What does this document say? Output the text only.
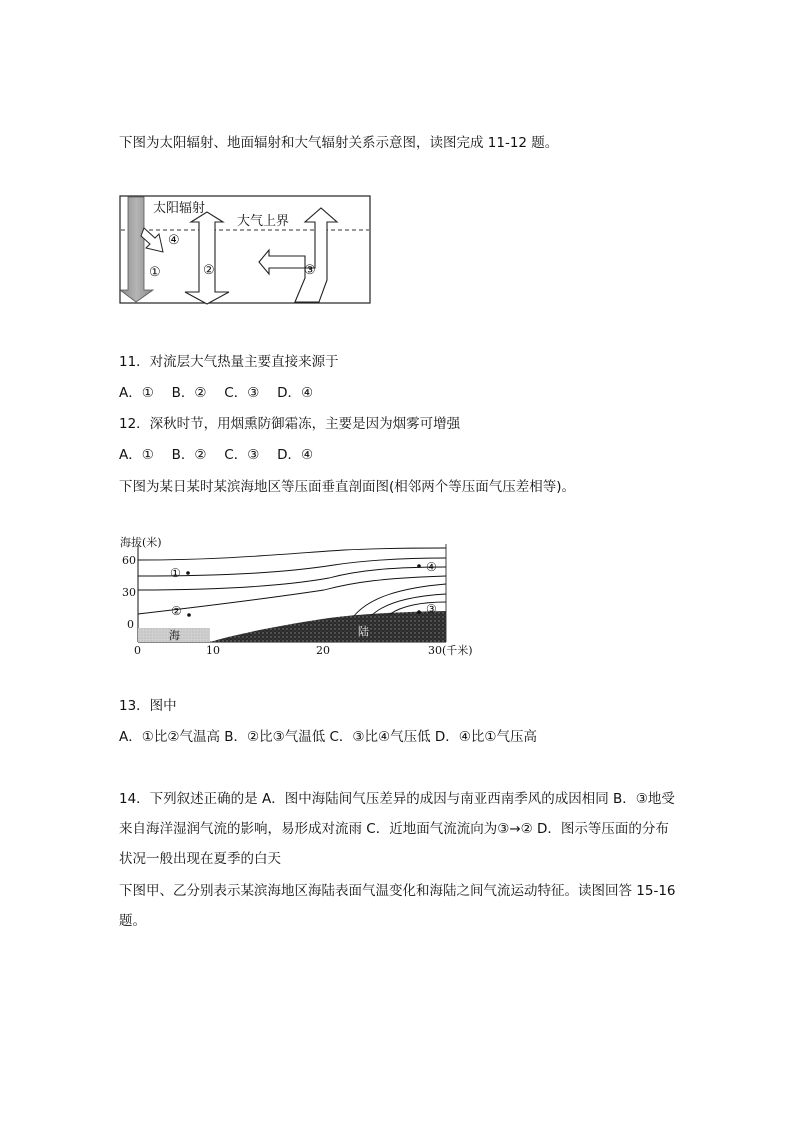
下图为太阳辐射、地面辐射和大气辐射关系示意图，读图完成 11-12 题。
太阳辐射
大气上界
①	②	③
④
11．对流层大气热量主要直接来源于
A．①　 B．②　 C．③　 D．④
12．深秋时节，用烟熏防御霜冻，主要是因为烟雾可增强
A．①　 B．②　 C．③　 D．④
下图为某日某时某滨海地区等压面垂直剖面图(相邻两个等压面气压差相等)。
①
②	③
④
海拔(米)
60
30
0
0	10	20	30(千米)
海	陆
13．图中
A．①比②气温高 B．②比③气温低 C．③比④气压低 D．④比①气压高
14．下列叙述正确的是 A．图中海陆间气压差异的成因与南亚西南季风的成因相同 B．③地受来自海洋湿润气流的影响，易形成对流雨 C．近地面气流流向为③→② D．图示等压面的分布状况一般出现在夏季的白天
下图甲、乙分别表示某滨海地区海陆表面气温变化和海陆之间气流运动特征。读图回答 15-16 题。
